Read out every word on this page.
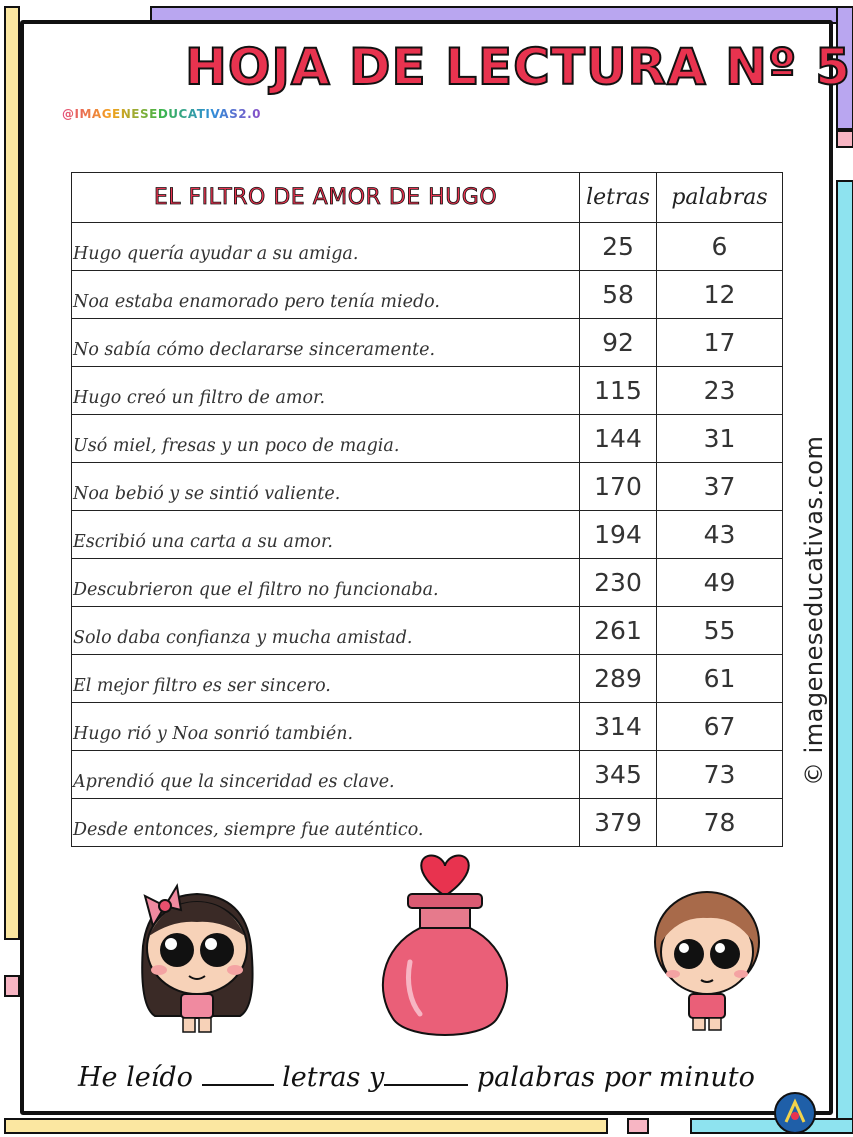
HOJA DE LECTURA Nº 5
@IMAGENESEDUCATIVAS2.0
© imageneseducativas.com
EL FILTRO DE AMOR DE HUGO	letras	palabras
Hugo quería ayudar a su amiga.	25	6
Noa estaba enamorado pero tenía miedo.	58	12
No sabía cómo declararse sinceramente.	92	17
Hugo creó un filtro de amor.	115	23
Usó miel, fresas y un poco de magia.	144	31
Noa bebió y se sintió valiente.	170	37
Escribió una carta a su amor.	194	43
Descubrieron que el filtro no funcionaba.	230	49
Solo daba confianza y mucha amistad.	261	55
El mejor filtro es ser sincero.	289	61
Hugo rió y Noa sonrió también.	314	67
Aprendió que la sinceridad es clave.	345	73
Desde entonces, siempre fue auténtico.	379	78
He leído	letras y	palabras por minuto
